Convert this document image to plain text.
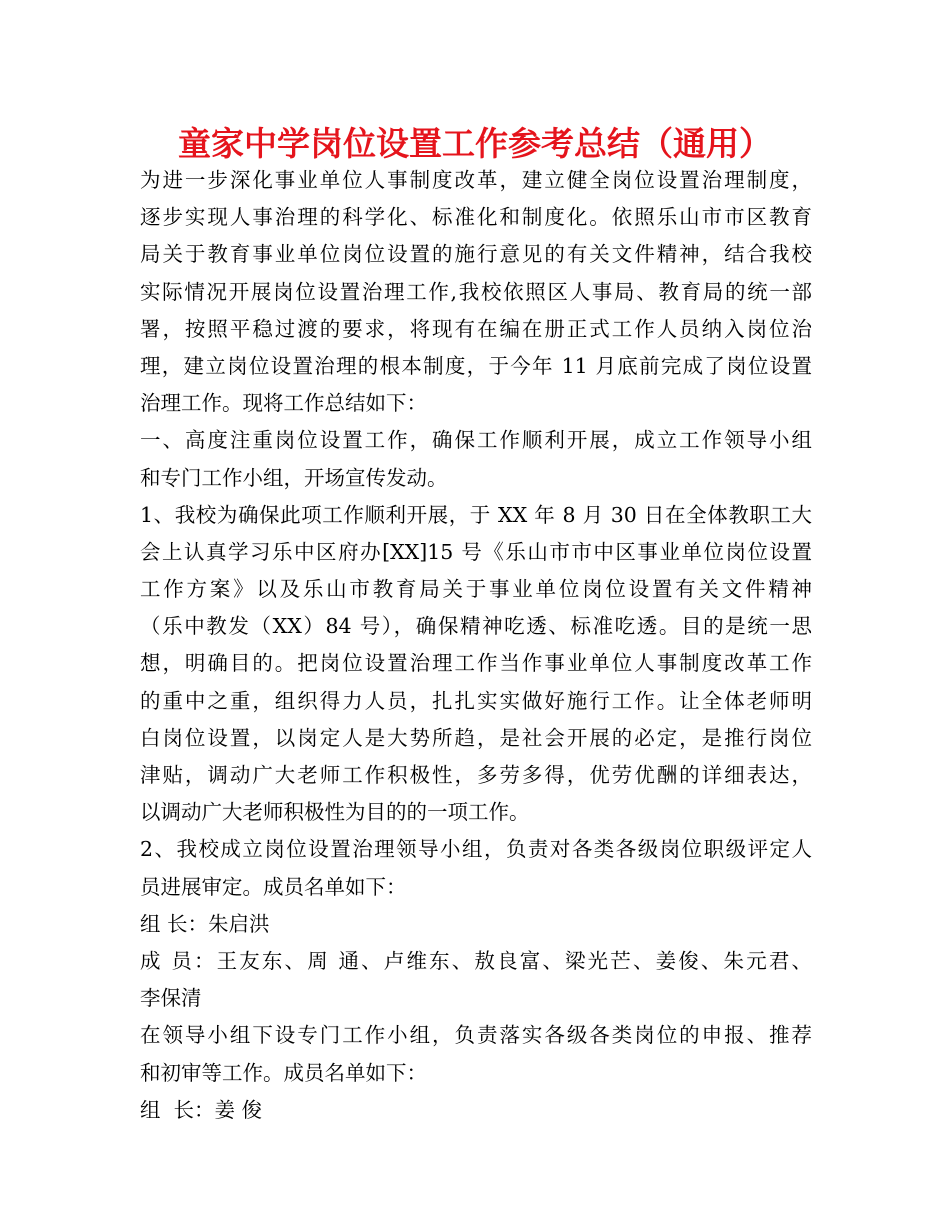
童家中学岗位设置工作参考总结（通用）
为进一步深化事业单位人事制度改革，建立健全岗位设置治理制度，
逐步实现人事治理的科学化、标准化和制度化。依照乐山市市区教育
局关于教育事业单位岗位设置的施行意见的有关文件精神，结合我校
实际情况开展岗位设置治理工作,我校依照区人事局、教育局的统一部
署，按照平稳过渡的要求，将现有在编在册正式工作人员纳入岗位治
理，建立岗位设置治理的根本制度，于今年 11 月底前完成了岗位设置
治理工作。现将工作总结如下：
一、高度注重岗位设置工作，确保工作顺利开展，成立工作领导小组
和专门工作小组，开场宣传发动。
1、我校为确保此项工作顺利开展，于 XX 年 8 月 30 日在全体教职工大
会上认真学习乐中区府办[XX]15 号《乐山市市中区事业单位岗位设置
工作方案》以及乐山市教育局关于事业单位岗位设置有关文件精神
（乐中教发（XX）84 号），确保精神吃透、标准吃透。目的是统一思
想，明确目的。把岗位设置治理工作当作事业单位人事制度改革工作
的重中之重，组织得力人员，扎扎实实做好施行工作。让全体老师明
白岗位设置，以岗定人是大势所趋，是社会开展的必定，是推行岗位
津贴，调动广大老师工作积极性，多劳多得，优劳优酬的详细表达，
以调动广大老师积极性为目的的一项工作。
2、我校成立岗位设置治理领导小组，负责对各类各级岗位职级评定人
员进展审定。成员名单如下：
组 长：朱启洪
成 员：王友东、周 通、卢维东、敖良富、梁光芒、姜俊、朱元君、
李保清
在领导小组下设专门工作小组，负责落实各级各类岗位的申报、推荐
和初审等工作。成员名单如下：
组  长：姜 俊
